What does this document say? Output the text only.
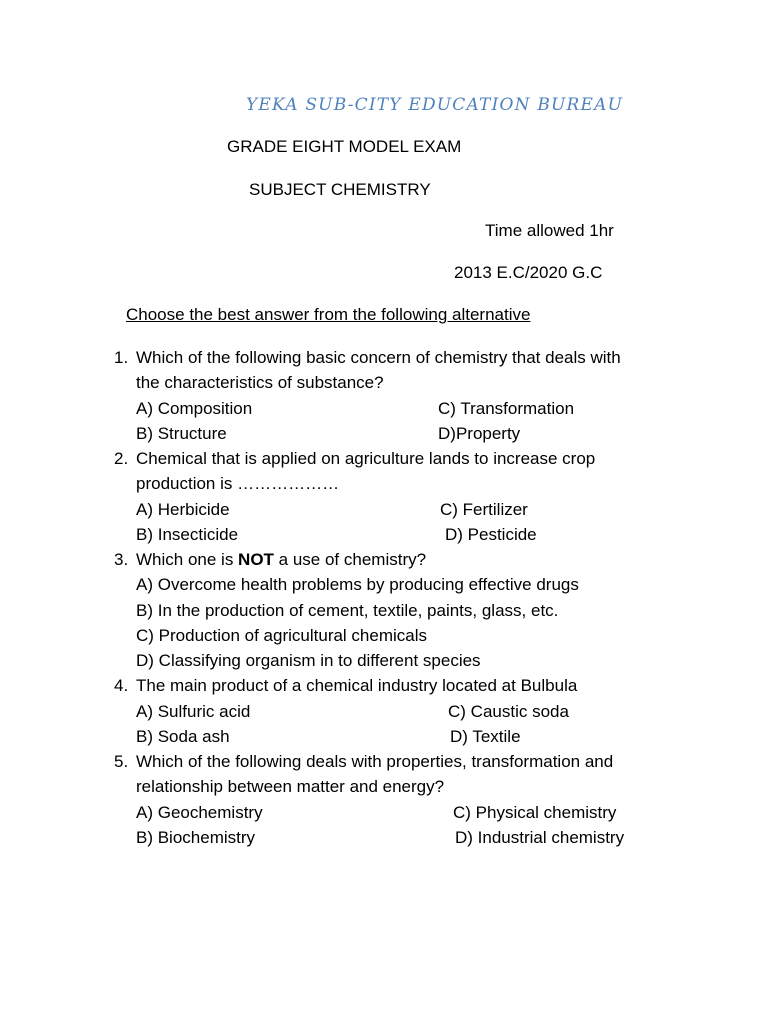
YEKA SUB-CITY EDUCATION BUREAU
GRADE EIGHT MODEL EXAM
SUBJECT CHEMISTRY
Time allowed 1hr
2013 E.C/2020 G.C
Choose the best answer from the following alternative
1. Which of the following basic concern of chemistry that deals with
the characteristics of substance?
A) Composition	C) Transformation
B) Structure	D)Property
2. Chemical that is applied on agriculture lands to increase crop
production is ………………
A) Herbicide	C) Fertilizer
B) Insecticide	D) Pesticide
3. Which one is NOT a use of chemistry?
A) Overcome health problems by producing effective drugs
B) In the production of cement, textile, paints, glass, etc.
C) Production of agricultural chemicals
D) Classifying organism in to different species
4. The main product of a chemical industry located at Bulbula
A) Sulfuric acid	C) Caustic soda
B) Soda ash	D) Textile
5. Which of the following deals with properties, transformation and
relationship between matter and energy?
A) Geochemistry	C) Physical chemistry
B) Biochemistry	D) Industrial chemistry
